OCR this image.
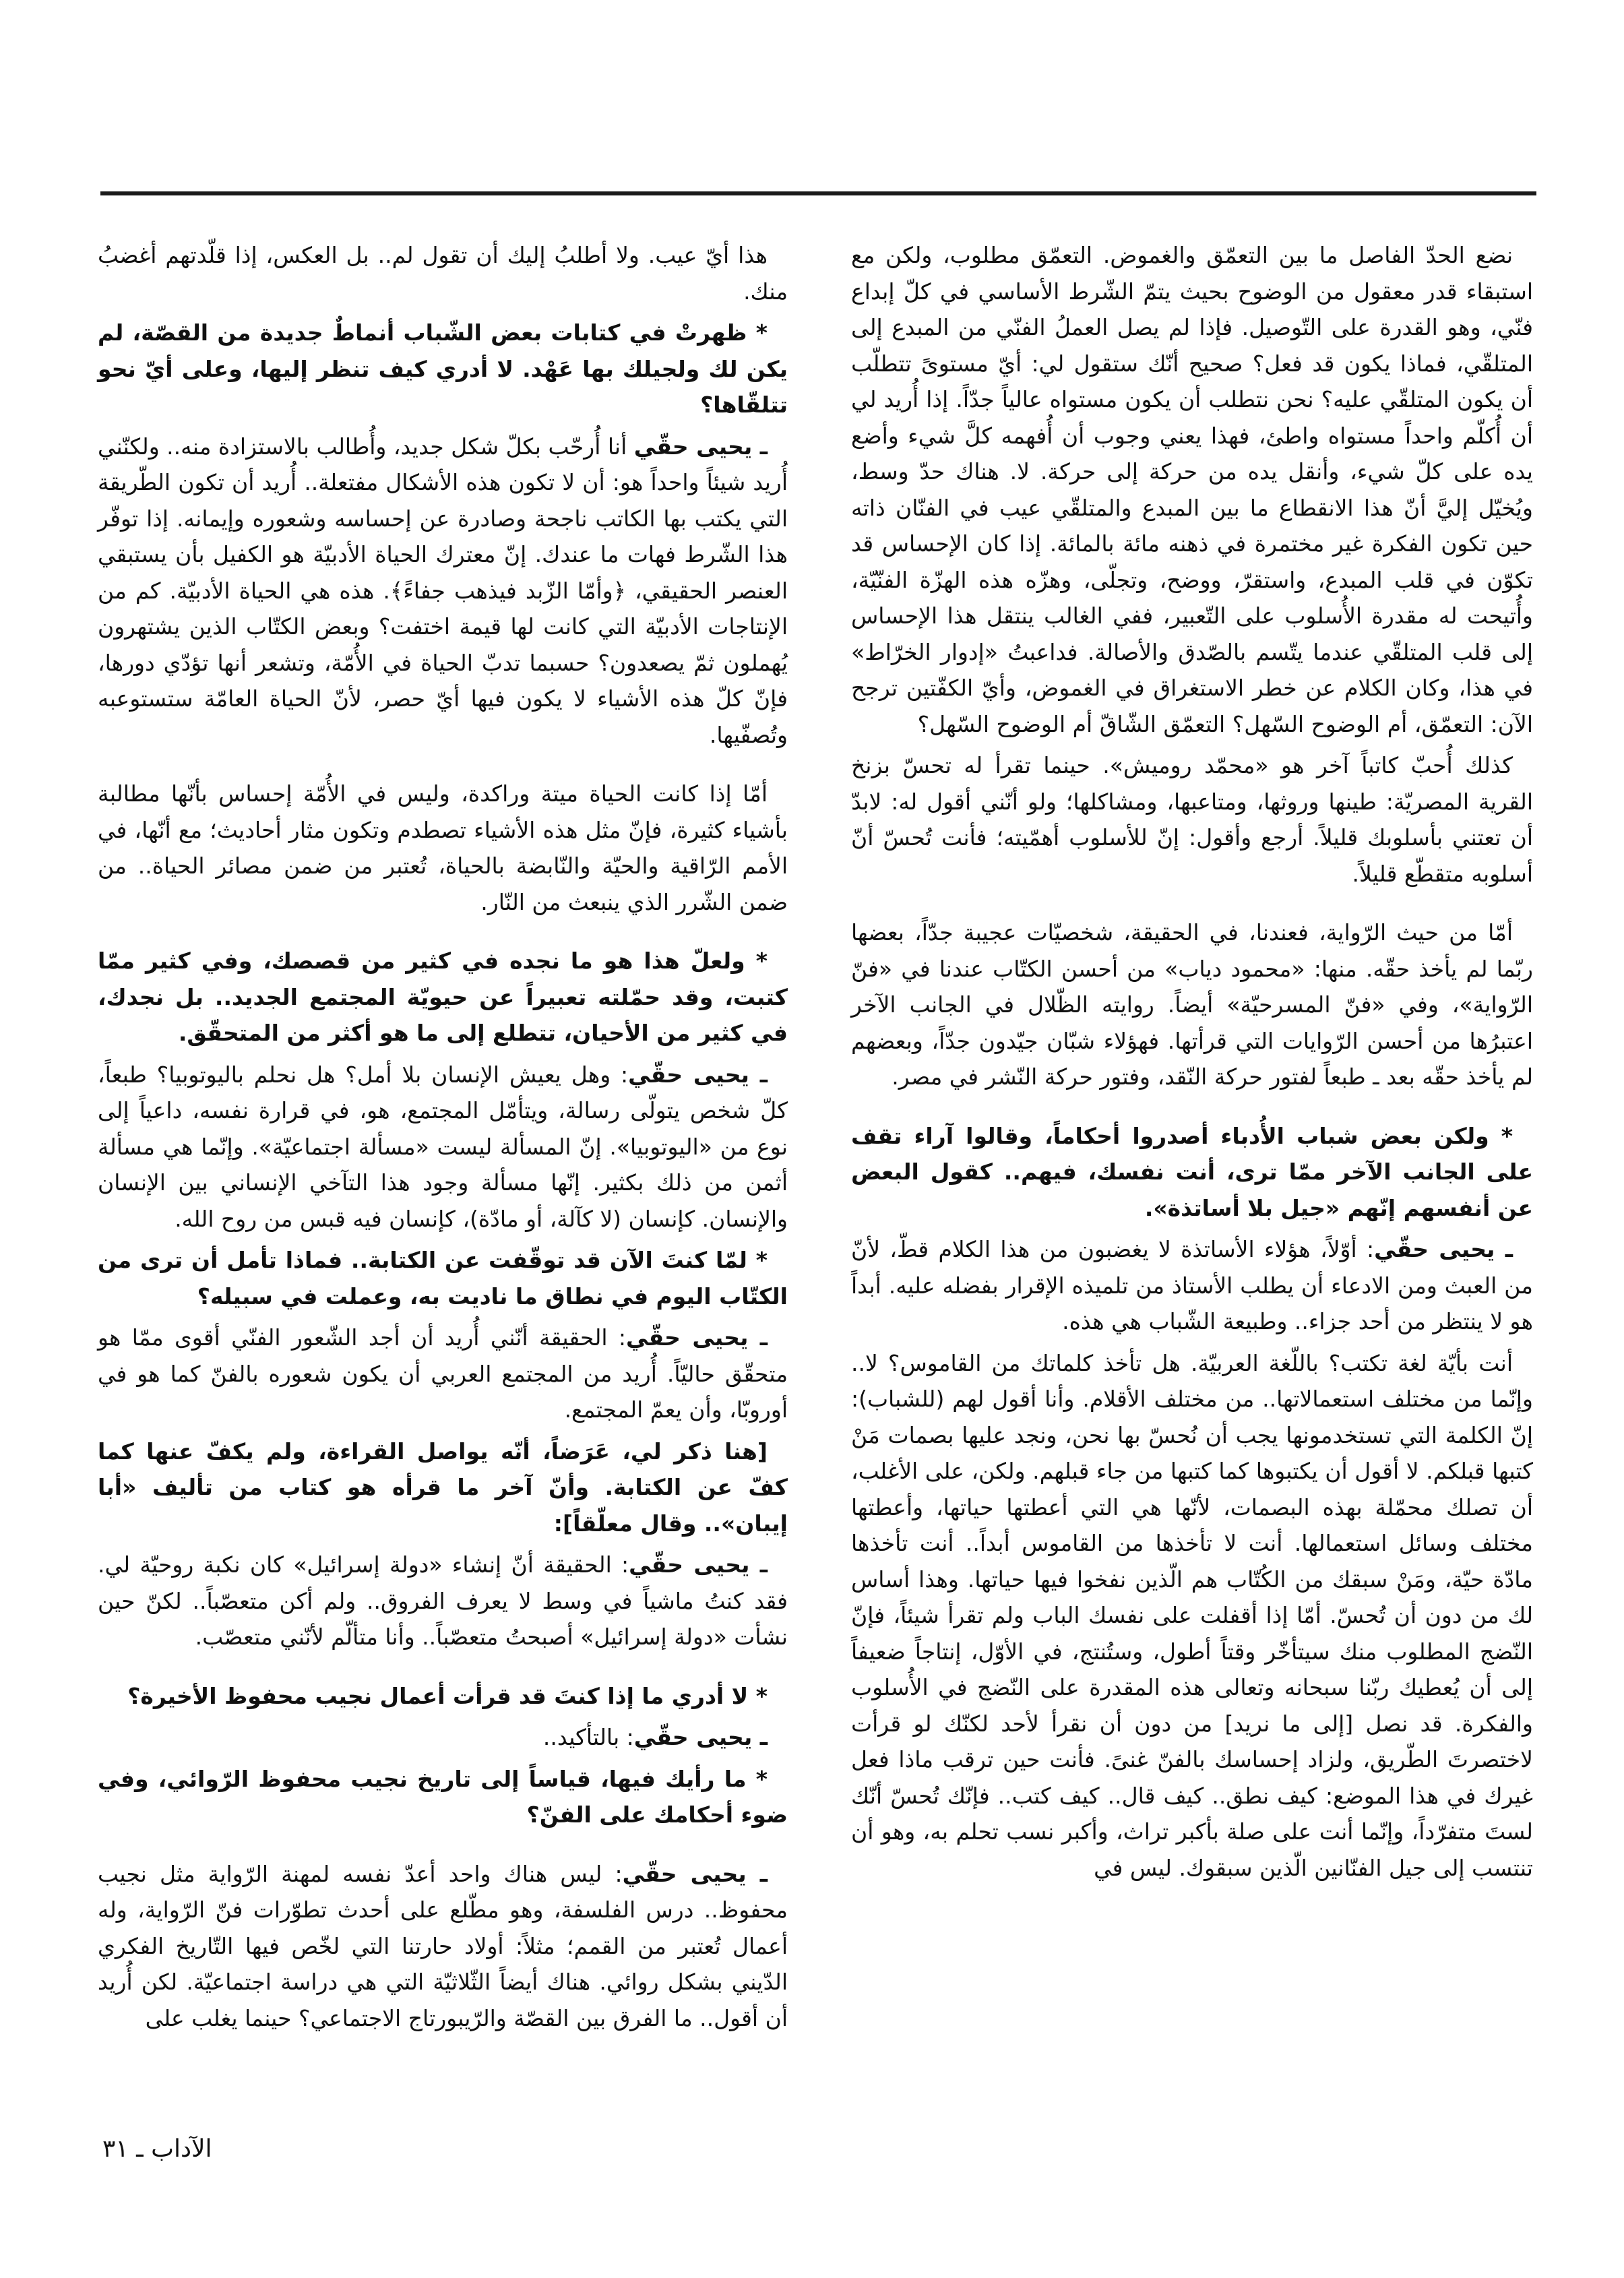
نضع الحدّ الفاصل ما بين التعمّق والغموض. التعمّق مطلوب، ولكن مع استبقاء قدر معقول من الوضوح بحيث يتمّ الشّرط الأساسي في كلّ إبداع فنّي، وهو القدرة على التّوصيل. فإذا لم يصل العملُ الفنّي من المبدع إلى المتلقّي، فماذا يكون قد فعل؟ صحيح أنّك ستقول لي: أيّ مستوىً تتطلّب أن يكون المتلقّي عليه؟ نحن نتطلب أن يكون مستواه عالياً جدّاً. إذا أُريد لي أن أُكلّم واحداً مستواه واطئ، فهذا يعني وجوب أن أُفهمه كلَّ شيء وأضع يده على كلّ شيء، وأنقل يده من حركة إلى حركة. لا. هناك حدّ وسط، ويُخيّل إليَّ أنّ هذا الانقطاع ما بين المبدع والمتلقّي عيب في الفنّان ذاته حين تكون الفكرة غير مختمرة في ذهنه مائة بالمائة. إذا كان الإحساس قد تكوّن في قلب المبدع، واستقرّ، ووضح، وتجلّى، وهزّه هذه الهزّة الفنّيّة، وأُتيحت له مقدرة الأُسلوب على التّعبير، ففي الغالب ينتقل هذا الإحساس إلى قلب المتلقّي عندما يتّسم بالصّدق والأصالة. فداعبتُ «إدوار الخرّاط» في هذا، وكان الكلام عن خطر الاستغراق في الغموض، وأيّ الكفّتين ترجح الآن: التعمّق، أم الوضوح السّهل؟ التعمّق الشّاقّ أم الوضوح السّهل؟

كذلك أُحبّ كاتباً آخر هو «محمّد روميش». حينما تقرأ له تحسّ بزنخ القرية المصريّة: طينها وروثها، ومتاعبها، ومشاكلها؛ ولو أنّني أقول له: لابدّ أن تعتني بأسلوبك قليلاً. أرجع وأقول: إنّ للأسلوب أهمّيته؛ فأنت تُحسّ أنّ أسلوبه متقطّع قليلاً.

أمّا من حيث الرّواية، فعندنا، في الحقيقة، شخصيّات عجيبة جدّاً، بعضها ربّما لم يأخذ حقّه. منها: «محمود دياب» من أحسن الكتّاب عندنا في «فنّ الرّواية»، وفي «فنّ المسرحيّة» أيضاً. روايته الظّلال في الجانب الآخر اعتبرُها من أحسن الرّوايات التي قرأتها. فهؤلاء شبّان جيّدون جدّاً، وبعضهم لم يأخذ حقّه بعد ـ طبعاً لفتور حركة النّقد، وفتور حركة النّشر في مصر.

* ولكن بعض شباب الأُدباء أصدروا أحكاماً، وقالوا آراء تقف على الجانب الآخر ممّا ترى، أنت نفسك، فيهم.. كقول البعض عن أنفسهم إنّهم «جيل بلا أساتذة».

ـ يحيى حقّي: أوّلاً، هؤلاء الأساتذة لا يغضبون من هذا الكلام قطّ، لأنّ من العبث ومن الادعاء أن يطلب الأستاذ من تلميذه الإقرار بفضله عليه. أبداً هو لا ينتظر من أحد جزاء.. وطبيعة الشّباب هي هذه.

أنت بأيّة لغة تكتب؟ باللّغة العربيّة. هل تأخذ كلماتك من القاموس؟ لا.. وإنّما من مختلف استعمالاتها.. من مختلف الأقلام. وأنا أقول لهم (للشباب): إنّ الكلمة التي تستخدمونها يجب أن نُحسّ بها نحن، ونجد عليها بصمات مَنْ كتبها قبلكم. لا أقول أن يكتبوها كما كتبها من جاء قبلهم. ولكن، على الأغلب، أن تصلك محمّلة بهذه البصمات، لأنّها هي التي أعطتها حياتها، وأعطتها مختلف وسائل استعمالها. أنت لا تأخذها من القاموس أبداً.. أنت تأخذها مادّة حيّة، ومَنْ سبقك من الكُتّاب هم الّذين نفخوا فيها حياتها. وهذا أساس لك من دون أن تُحسّ. أمّا إذا أقفلت على نفسك الباب ولم تقرأ شيئاً، فإنّ النّضج المطلوب منك سيتأخّر وقتاً أطول، وستُنتج، في الأوّل، إنتاجاً ضعيفاً إلى أن يُعطيك ربّنا سبحانه وتعالى هذه المقدرة على النّضج في الأُسلوب والفكرة. قد نصل [إلى ما نريد] من دون أن نقرأ لأحد لكنّك لو قرأت لاختصرتَ الطّريق، ولزاد إحساسك بالفنّ غنىً. فأنت حين ترقب ماذا فعل غيرك في هذا الموضع: كيف نطق.. كيف قال.. كيف كتب.. فإنّك تُحسّ أنّك لستَ متفرّداً، وإنّما أنت على صلة بأكبر تراث، وأكبر نسب تحلم به، وهو أن تنتسب إلى جيل الفنّانين الّذين سبقوك. ليس في

هذا أيّ عيب. ولا أطلبُ إليك أن تقول لم.. بل العكس، إذا قلّدتهم أغضبُ منك.

* ظهرتْ في كتابات بعض الشّباب أنماطٌ جديدة من القصّة، لم يكن لك ولجيلك بها عَهْد. لا أدري كيف تنظر إليها، وعلى أيّ نحو تتلقّاها؟

ـ يحيى حقّي أنا أُرحّب بكلّ شكل جديد، وأُطالب بالاستزادة منه.. ولكنّني أُريد شيئاً واحداً هو: أن لا تكون هذه الأشكال مفتعلة.. أُريد أن تكون الطّريقة التي يكتب بها الكاتب ناجحة وصادرة عن إحساسه وشعوره وإيمانه. إذا توفّر هذا الشّرط فهات ما عندك. إنّ معترك الحياة الأدبيّة هو الكفيل بأن يستبقي العنصر الحقيقي، ﴿وأمّا الزّبد فيذهب جفاءً﴾. هذه هي الحياة الأدبيّة. كم من الإنتاجات الأدبيّة التي كانت لها قيمة اختفت؟ وبعض الكتّاب الذين يشتهرون يُهملون ثمّ يصعدون؟ حسبما تدبّ الحياة في الأُمّة، وتشعر أنها تؤدّي دورها، فإنّ كلّ هذه الأشياء لا يكون فيها أيّ حصر، لأنّ الحياة العامّة ستستوعبه وتُصفّيها.

أمّا إذا كانت الحياة ميتة وراكدة، وليس في الأُمّة إحساس بأنّها مطالبة بأشياء كثيرة، فإنّ مثل هذه الأشياء تصطدم وتكون مثار أحاديث؛ مع أنّها، في الأمم الرّاقية والحيّة والنّابضة بالحياة، تُعتبر من ضمن مصائر الحياة.. من ضمن الشّرر الذي ينبعث من النّار.

* ولعلّ هذا هو ما نجده في كثير من قصصك، وفي كثير ممّا كتبت، وقد حمّلته تعبيراً عن حيويّة المجتمع الجديد.. بل نجدك، في كثير من الأحيان، تتطلع إلى ما هو أكثر من المتحقّق.

ـ يحيى حقّي: وهل يعيش الإنسان بلا أمل؟ هل نحلم باليوتوبيا؟ طبعاً، كلّ شخص يتولّى رسالة، ويتأمّل المجتمع، هو، في قرارة نفسه، داعياً إلى نوع من «اليوتوبيا». إنّ المسألة ليست «مسألة اجتماعيّة». وإنّما هي مسألة أثمن من ذلك بكثير. إنّها مسألة وجود هذا التآخي الإنساني بين الإنسان والإنسان. كإنسان (لا كآلة، أو مادّة)، كإنسان فيه قبس من روح الله.

* لمّا كنتَ الآن قد توقّفت عن الكتابة.. فماذا تأمل أن ترى من الكتّاب اليوم في نطاق ما ناديت به، وعملت في سبيله؟

ـ يحيى حقّي: الحقيقة أنّني أُريد أن أجد الشّعور الفنّي أقوى ممّا هو متحقّق حاليّاً. أُريد من المجتمع العربي أن يكون شعوره بالفنّ كما هو في أوروبّا، وأن يعمّ المجتمع.

[هنا ذكر لي، عَرَضاً، أنّه يواصل القراءة، ولم يكفّ عنها كما كفّ عن الكتابة. وأنّ آخر ما قرأه هو كتاب من تأليف «أبا إيبان».. وقال معلّقاً]:

ـ يحيى حقّي: الحقيقة أنّ إنشاء «دولة إسرائيل» كان نكبة روحيّة لي. فقد كنتُ ماشياً في وسط لا يعرف الفروق.. ولم أكن متعصّباً.. لكنّ حين نشأت «دولة إسرائيل» أصبحتُ متعصّباً.. وأنا متألّم لأنّني متعصّب.

* لا أدري ما إذا كنتَ قد قرأت أعمال نجيب محفوظ الأخيرة؟

ـ يحيى حقّي: بالتأكيد..

* ما رأيك فيها، قياساً إلى تاريخ نجيب محفوظ الرّوائي، وفي ضوء أحكامك على الفنّ؟

ـ يحيى حقّي: ليس هناك واحد أعدّ نفسه لمهنة الرّواية مثل نجيب محفوظ.. درس الفلسفة، وهو مطّلع على أحدث تطوّرات فنّ الرّواية، وله أعمال تُعتبر من القمم؛ مثلاً: أولاد حارتنا التي لخّص فيها التّاريخ الفكري الدّيني بشكل روائي. هناك أيضاً الثّلاثيّة التي هي دراسة اجتماعيّة. لكن أُريد أن أقول.. ما الفرق بين القصّة والرّيبورتاج الاجتماعي؟ حينما يغلب على

الآداب ـ ٣١
